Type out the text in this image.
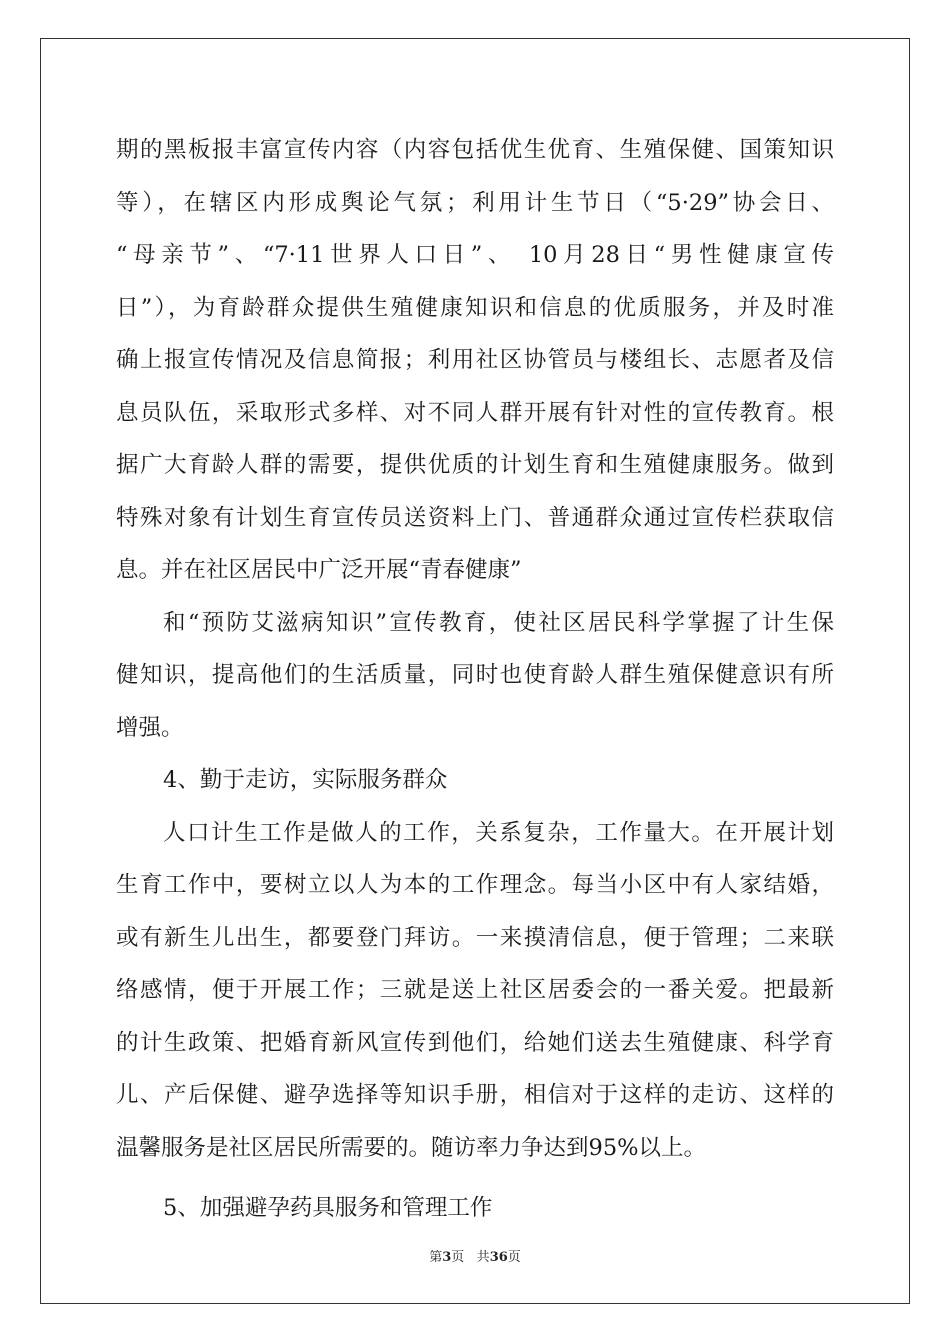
期的黑板报丰富宣传内容（内容包括优生优育、生殖保健、国策知识
等），在辖区内形成舆论气氛；利用计生节日（“5·29”协会日、
“母亲节”、“7·11世界人口日”、 10月28日“男性健康宣传
日”），为育龄群众提供生殖健康知识和信息的优质服务，并及时准
确上报宣传情况及信息简报；利用社区协管员与楼组长、志愿者及信
息员队伍，采取形式多样、对不同人群开展有针对性的宣传教育。根
据广大育龄人群的需要，提供优质的计划生育和生殖健康服务。做到
特殊对象有计划生育宣传员送资料上门、普通群众通过宣传栏获取信
息。并在社区居民中广泛开展“青春健康”
和“预防艾滋病知识”宣传教育，使社区居民科学掌握了计生保
健知识，提高他们的生活质量，同时也使育龄人群生殖保健意识有所
增强。
4、勤于走访，实际服务群众
人口计生工作是做人的工作，关系复杂，工作量大。在开展计划
生育工作中，要树立以人为本的工作理念。每当小区中有人家结婚，
或有新生儿出生，都要登门拜访。一来摸清信息，便于管理；二来联
络感情，便于开展工作；三就是送上社区居委会的一番关爱。把最新
的计生政策、把婚育新风宣传到他们，给她们送去生殖健康、科学育
儿、产后保健、避孕选择等知识手册，相信对于这样的走访、这样的
温馨服务是社区居民所需要的。随访率力争达到95%以上。
5、加强避孕药具服务和管理工作
第3页 共36页
